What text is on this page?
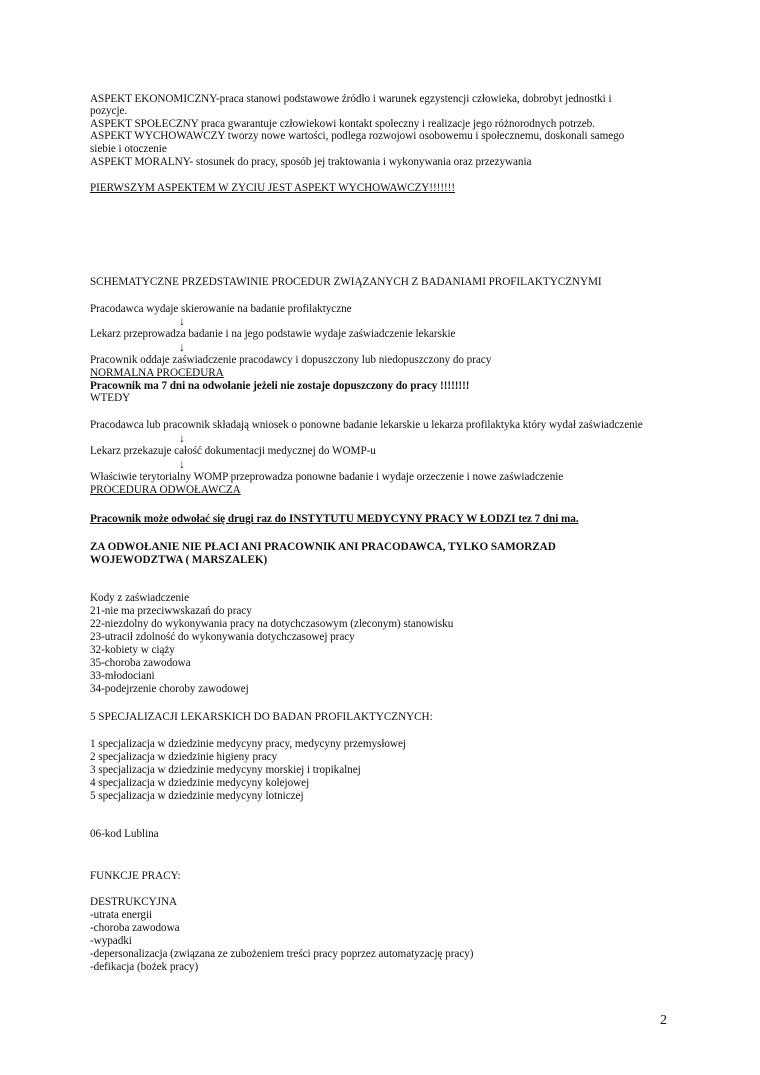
ASPEKT EKONOMICZNY-praca stanowi podstawowe źródło i warunek egzystencji człowieka, dobrobyt jednostki i
pozycje.
ASPEKT SPOŁECZNY praca gwarantuje człowiekowi kontakt społeczny i realizacje jego różnorodnych potrzeb.
ASPEKT WYCHOWAWCZY tworzy nowe wartości, podlega rozwojowi osobowemu i społecznemu, doskonali samego
siebie i otoczenie
ASPEKT MORALNY- stosunek do pracy, sposób jej traktowania i wykonywania oraz przezywania
PIERWSZYM ASPEKTEM W ZYCIU JEST ASPEKT WYCHOWAWCZY!!!!!!!
SCHEMATYCZNE PRZEDSTAWINIE PROCEDUR ZWIĄZANYCH Z BADANIAMI PROFILAKTYCZNYMI
Pracodawca wydaje skierowanie na badanie profilaktyczne
↓
Lekarz przeprowadza badanie i na jego podstawie wydaje zaświadczenie lekarskie
↓
Pracownik oddaje zaświadczenie pracodawcy i dopuszczony lub niedopuszczony do pracy
NORMALNA PROCEDURA
Pracownik ma 7 dni na odwołanie jeżeli nie zostaje dopuszczony do pracy !!!!!!!!
WTEDY
Pracodawca lub pracownik składają wniosek o ponowne badanie lekarskie u lekarza profilaktyka który wydał zaświadczenie
↓
Lekarz przekazuje całość dokumentacji medycznej do WOMP-u
↓
Właściwie terytorialny WOMP przeprowadza ponowne badanie i wydaje orzeczenie i nowe zaświadczenie
PROCEDURA ODWOŁAWCZA
Pracownik może odwołać się drugi raz do INSTYTUTU MEDYCYNY PRACY W ŁODZI tez 7 dni ma.
ZA ODWOŁANIE NIE PŁACI ANI PRACOWNIK ANI PRACODAWCA, TYLKO SAMORZAD
WOJEWODZTWA ( MARSZALEK)
Kody z zaświadczenie
21-nie ma przeciwwskazań do pracy
22-niezdolny do wykonywania pracy na dotychczasowym (zleconym) stanowisku
23-utracił zdolność do wykonywania dotychczasowej pracy
32-kobiety w ciąży
35-choroba zawodowa
33-młodociani
34-podejrzenie choroby zawodowej
5 SPECJALIZACJI LEKARSKICH DO BADAN PROFILAKTYCZNYCH:
1 specjalizacja w dziedzinie medycyny pracy, medycyny przemysłowej
2 specjalizacja w dziedzinie higieny pracy
3 specjalizacja w dziedzinie medycyny morskiej i tropikalnej
4 specjalizacja w dziedzinie medycyny kolejowej
5 specjalizacja w dziedzinie medycyny lotniczej
06-kod Lublina
FUNKCJE PRACY:
DESTRUKCYJNA
-utrata energii
-choroba zawodowa
-wypadki
-depersonalizacja (związana ze zubożeniem treści pracy poprzez automatyzację pracy)
-defikacja (bożek pracy)
2
